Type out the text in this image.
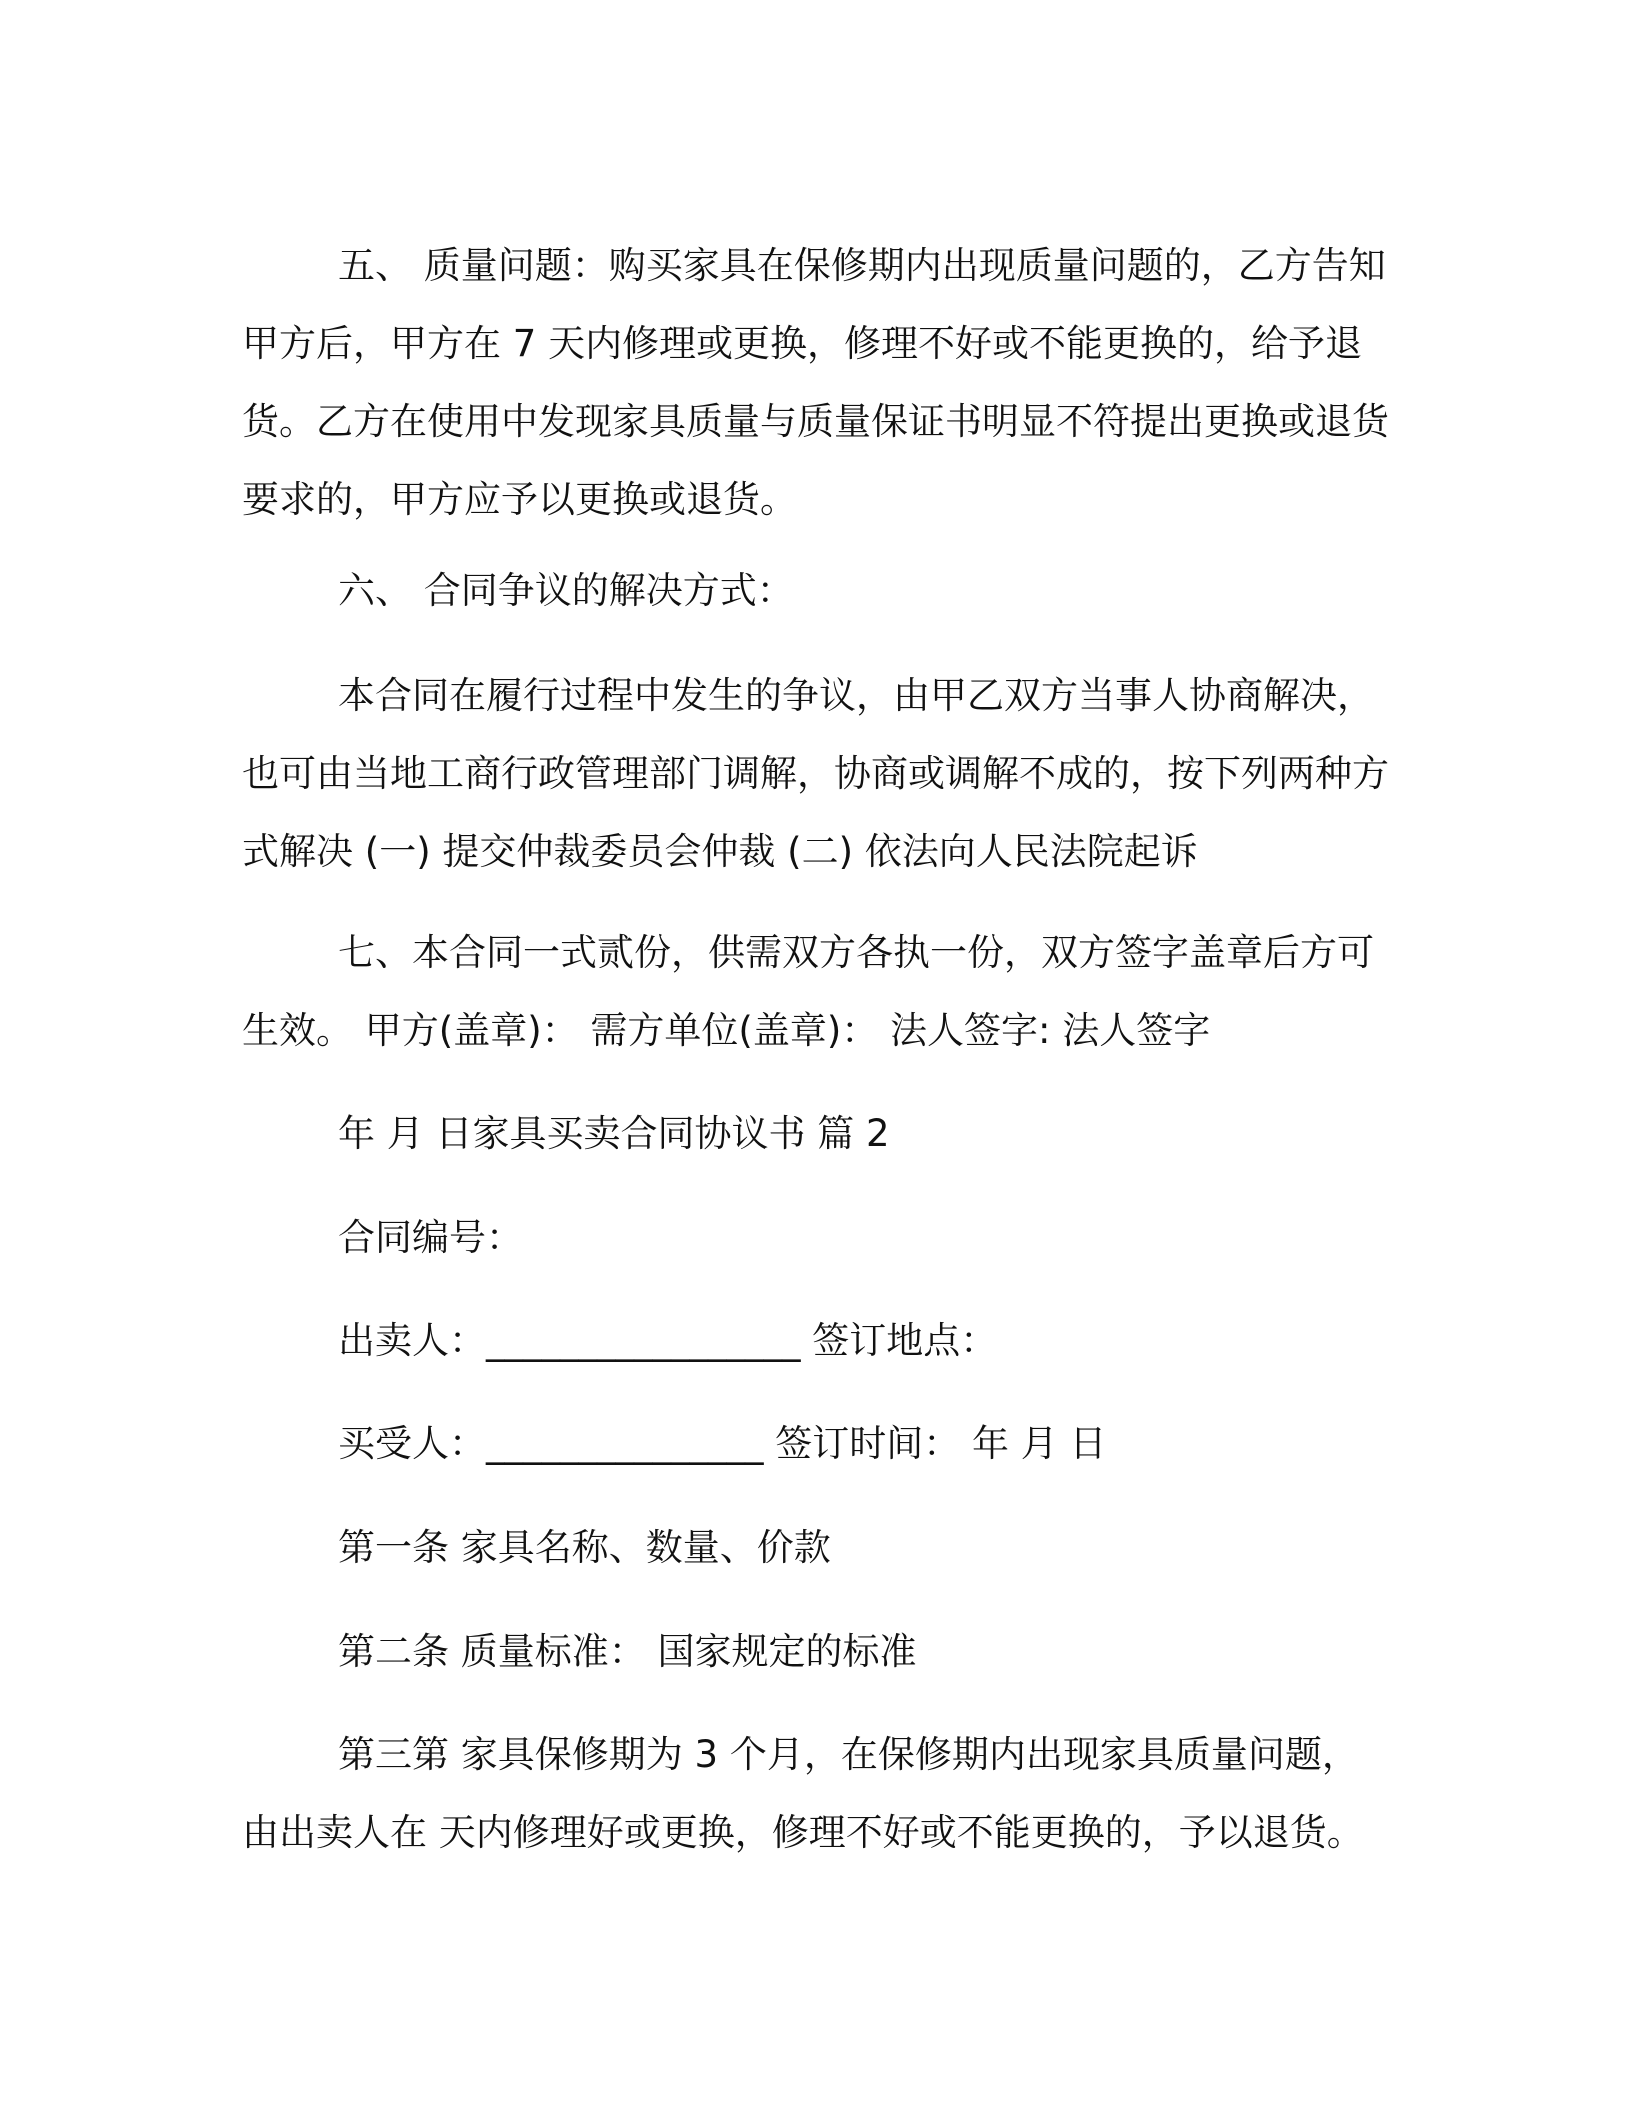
五、 质量问题：购买家具在保修期内出现质量问题的，乙方告知甲方后，甲方在 7 天内修理或更换，修理不好或不能更换的，给予退货。乙方在使用中发现家具质量与质量保证书明显不符提出更换或退货要求的，甲方应予以更换或退货。

六、 合同争议的解决方式：

本合同在履行过程中发生的争议，由甲乙双方当事人协商解决，也可由当地工商行政管理部门调解，协商或调解不成的，按下列两种方式解决 (一) 提交仲裁委员会仲裁 (二) 依法向人民法院起诉

七、本合同一式贰份，供需双方各执一份，双方签字盖章后方可生效。 甲方(盖章)： 需方单位(盖章)： 法人签字: 法人签字

年 月 日家具买卖合同协议书 篇 2

合同编号：

出卖人：_________________ 签订地点：

买受人：_______________ 签订时间： 年 月 日

第一条 家具名称、数量、价款

第二条 质量标准： 国家规定的标准

第三第 家具保修期为 3 个月，在保修期内出现家具质量问题，由出卖人在 天内修理好或更换，修理不好或不能更换的，予以退货。
